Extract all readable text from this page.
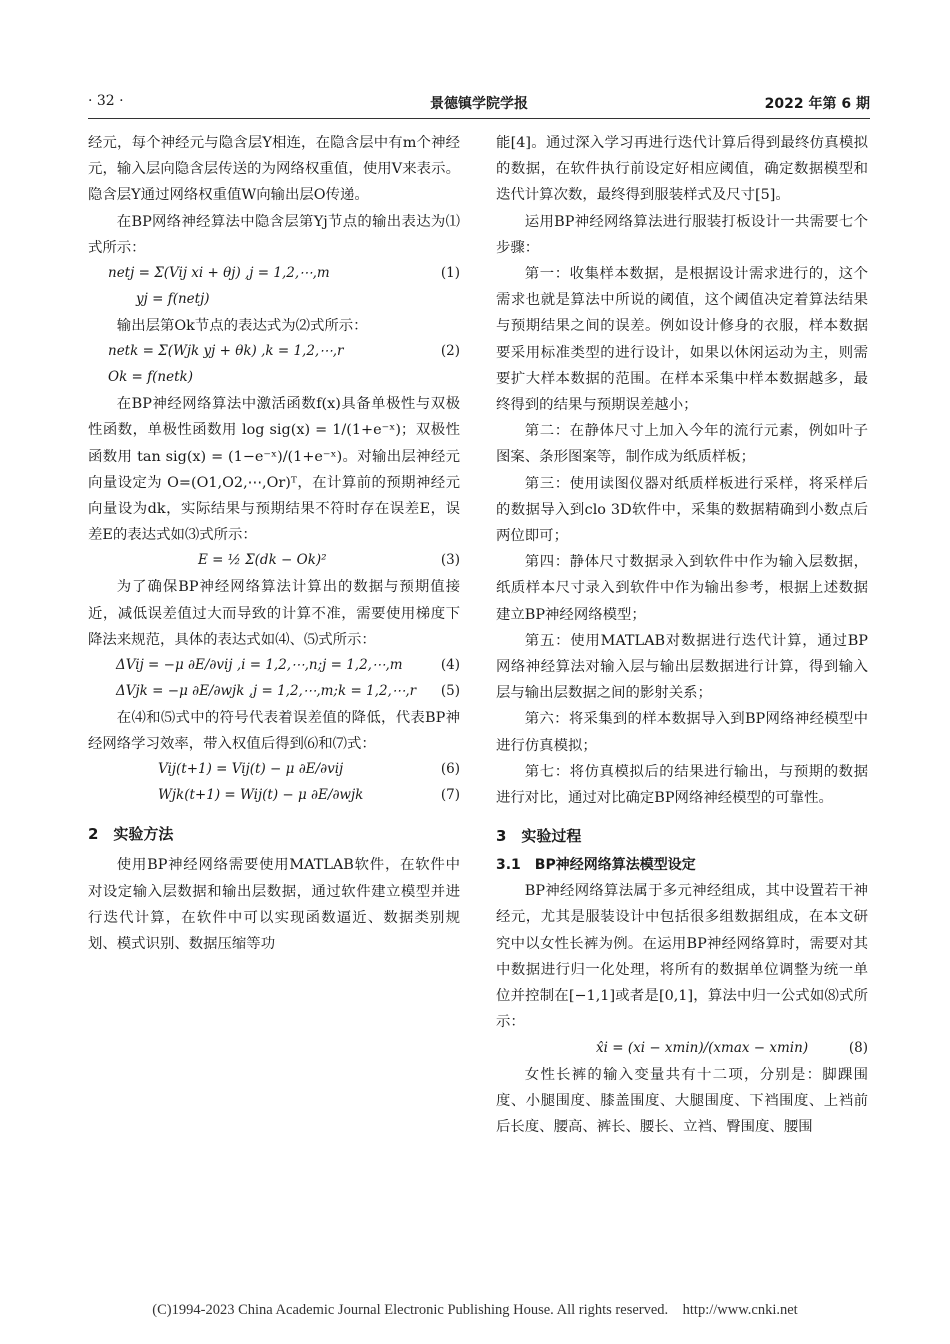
· 32 ·	景德镇学院学报	2022 年第 6 期

经元，每个神经元与隐含层Y相连，在隐含层中有m个神经元，输入层向隐含层传送的为网络权重值，使用V来表示。隐含层Y通过网络权重值W向输出层O传递。

在BP网络神经算法中隐含层第Yj节点的输出表达为⑴式所示：

netj = Σ(Vij xi + θj) ,j = 1,2,⋯,m	(1)
yj = f(netj)

输出层第Ok节点的表达式为⑵式所示：

netk = Σ(Wjk yj + θk) ,k = 1,2,⋯,r	(2)
Ok = f(netk)

在BP神经网络算法中激活函数f(x)具备单极性与双极性函数，单极性函数用 log sig(x) = 1/(1+e⁻ˣ)；双极性函数用 tan sig(x) = (1−e⁻ˣ)/(1+e⁻ˣ)。对输出层神经元向量设定为 O=(O1,O2,⋯,Or)ᵀ，在计算前的预期神经元向量设为dk，实际结果与预期结果不符时存在误差E，误差E的表达式如⑶式所示：

E = ½ Σ(dk − Ok)²	(3)

为了确保BP神经网络算法计算出的数据与预期值接近，减低误差值过大而导致的计算不准，需要使用梯度下降法来规范，具体的表达式如⑷、⑸式所示：

ΔVij = −μ ∂E/∂vij ,i = 1,2,⋯,n;j = 1,2,⋯,m	(4)
ΔVjk = −μ ∂E/∂wjk ,j = 1,2,⋯,m;k = 1,2,⋯,r (5)

在⑷和⑸式中的符号代表着误差值的降低，代表BP神经网络学习效率，带入权值后得到⑹和⑺式：

Vij(t+1) = Vij(t) − μ ∂E/∂vij	(6)
Wjk(t+1) = Wij(t) − μ ∂E/∂wjk	(7)
2　实验方法

使用BP神经网络需要使用MATLAB软件，在软件中对设定输入层数据和输出层数据，通过软件建立模型并进行迭代计算，在软件中可以实现函数逼近、数据类别规划、模式识别、数据压缩等功

能[4]。通过深入学习再进行迭代计算后得到最终仿真模拟的数据，在软件执行前设定好相应阈值，确定数据模型和迭代计算次数，最终得到服装样式及尺寸[5]。

运用BP神经网络算法进行服装打板设计一共需要七个步骤：

第一：收集样本数据，是根据设计需求进行的，这个需求也就是算法中所说的阈值，这个阈值决定着算法结果与预期结果之间的误差。例如设计修身的衣服，样本数据要采用标准类型的进行设计，如果以休闲运动为主，则需要扩大样本数据的范围。在样本采集中样本数据越多，最终得到的结果与预期误差越小；

第二：在静体尺寸上加入今年的流行元素，例如叶子图案、条形图案等，制作成为纸质样板；

第三：使用读图仪器对纸质样板进行采样，将采样后的数据导入到clo 3D软件中，采集的数据精确到小数点后两位即可；

第四：静体尺寸数据录入到软件中作为输入层数据，纸质样本尺寸录入到软件中作为输出参考，根据上述数据建立BP神经网络模型；

第五：使用MATLAB对数据进行迭代计算，通过BP网络神经算法对输入层与输出层数据进行计算，得到输入层与输出层数据之间的影射关系；

第六：将采集到的样本数据导入到BP网络神经模型中进行仿真模拟；

第七：将仿真模拟后的结果进行输出，与预期的数据进行对比，通过对比确定BP网络神经模型的可靠性。

3　实验过程
3.1　BP神经网络算法模型设定

BP神经网络算法属于多元神经组成，其中设置若干神经元，尤其是服装设计中包括很多组数据组成，在本文研究中以女性长裤为例。在运用BP神经网络算时，需要对其中数据进行归一化处理，将所有的数据单位调整为统一单位并控制在[−1,1]或者是[0,1]，算法中归一公式如⑻式所示：

x̂i = (xi − xmin)/(xmax − xmin)	(8)

女性长裤的输入变量共有十二项，分别是：脚踝围度、小腿围度、膝盖围度、大腿围度、下裆围度、上裆前后长度、腰高、裤长、腰长、立裆、臀围度、腰围

(C)1994-2023 China Academic Journal Electronic Publishing House. All rights reserved.　http://www.cnki.net
